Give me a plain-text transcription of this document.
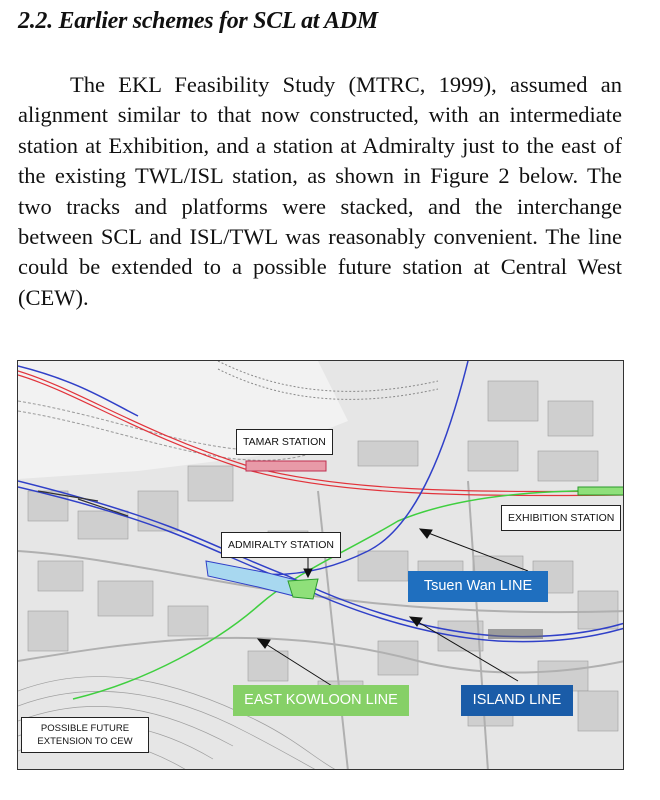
2.2. Earlier schemes for SCL at ADM

The EKL Feasibility Study (MTRC, 1999), assumed an alignment similar to that now constructed, with an intermediate station at Exhibition, and a station at Admiralty just to the east of the existing TWL/ISL station, as shown in Figure 2 below. The two tracks and platforms were stacked, and the interchange between SCL and ISL/TWL was reasonably convenient. The line could be extended to a possible future station at Central West (CEW).

TAMAR STATION
EXHIBITION STATION
ADMIRALTY STATION
Tsuen Wan LINE
EAST KOWLOON LINE	ISLAND LINE
POSSIBLE FUTURE
EXTENSION TO CEW
